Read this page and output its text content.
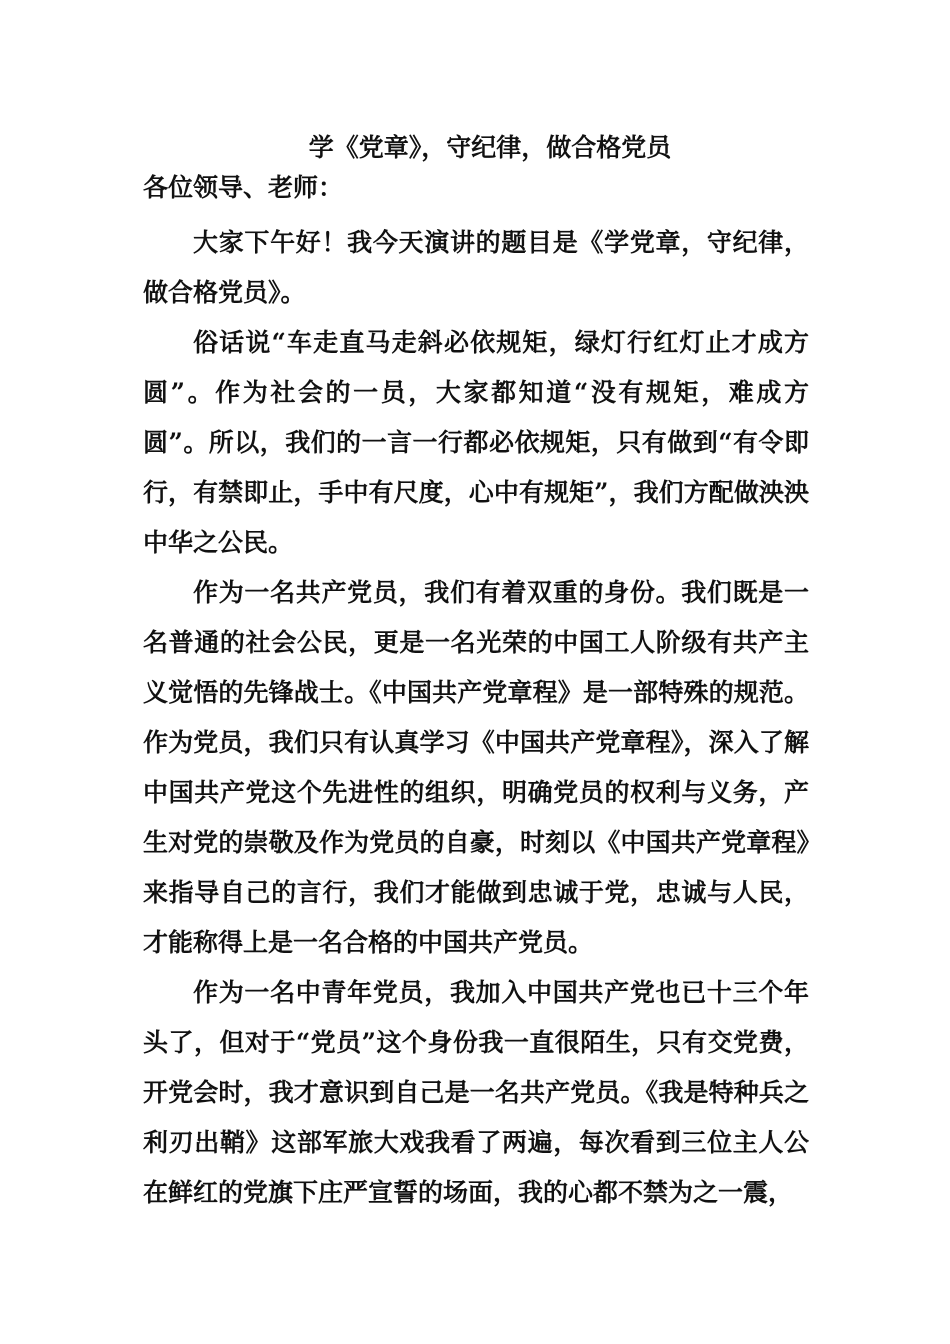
学《党章》，守纪律，做合格党员
各位领导、老师：

大家下午好！我今天演讲的题目是《学党章，守纪律，做合格党员》。

俗话说“车走直马走斜必依规矩，绿灯行红灯止才成方圆”。作为社会的一员，大家都知道“没有规矩，难成方圆”。所以，我们的一言一行都必依规矩，只有做到“有令即行，有禁即止，手中有尺度，心中有规矩”，我们方配做泱泱中华之公民。

作为一名共产党员，我们有着双重的身份。我们既是一名普通的社会公民，更是一名光荣的中国工人阶级有共产主义觉悟的先锋战士。《中国共产党章程》是一部特殊的规范。作为党员，我们只有认真学习《中国共产党章程》，深入了解中国共产党这个先进性的组织，明确党员的权利与义务，产生对党的崇敬及作为党员的自豪，时刻以《中国共产党章程》来指导自己的言行，我们才能做到忠诚于党，忠诚与人民，才能称得上是一名合格的中国共产党员。

作为一名中青年党员，我加入中国共产党也已十三个年头了，但对于“党员”这个身份我一直很陌生，只有交党费，开党会时，我才意识到自己是一名共产党员。《我是特种兵之利刃出鞘》这部军旅大戏我看了两遍，每次看到三位主人公在鲜红的党旗下庄严宣誓的场面，我的心都不禁为之一震，
